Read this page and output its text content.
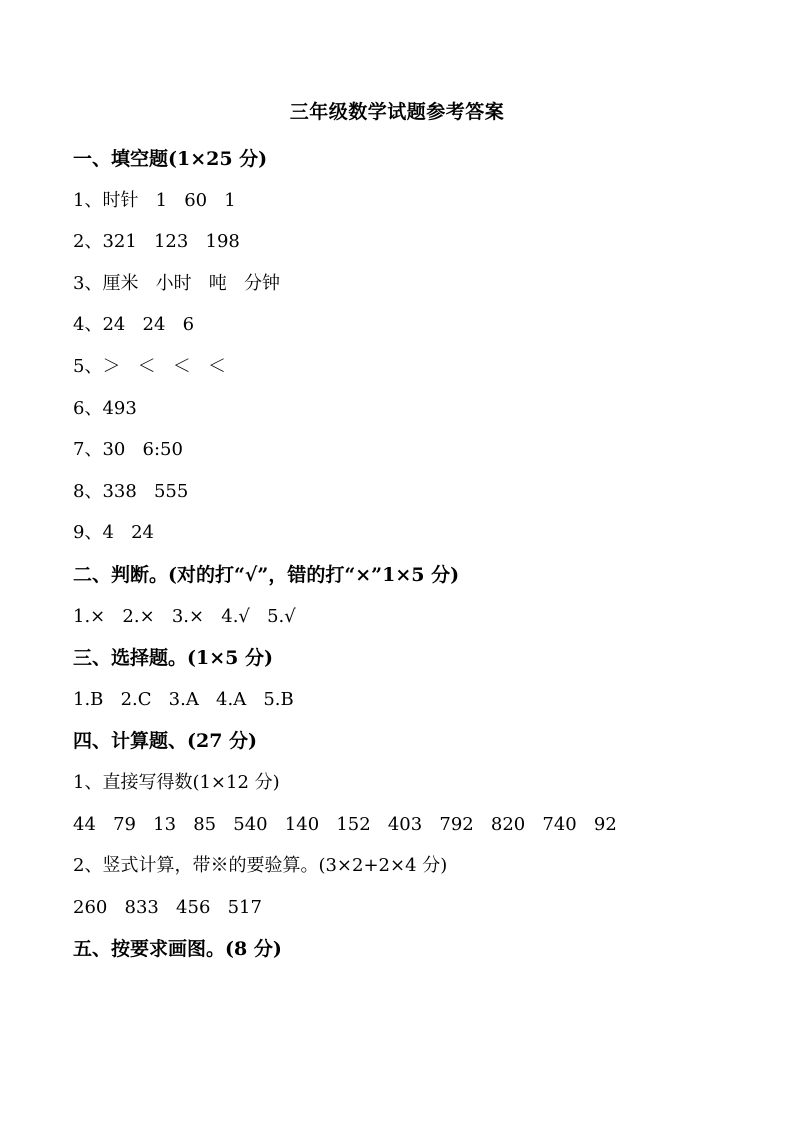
三年级数学试题参考答案
一、填空题(1×25 分)
1、时针   1   60   1
2、321   123   198
3、厘米   小时   吨   分钟
4、24   24   6
5、＞   ＜   ＜   ＜
6、493
7、30   6:50
8、338   555
9、4   24
二、判断。(对的打“√”，错的打“×”1×5 分)
1.×   2.×   3.×   4.√   5.√
三、选择题。(1×5 分)
1.B   2.C   3.A   4.A   5.B
四、计算题、(27 分)
1、直接写得数(1×12 分)
44   79   13   85   540   140   152   403   792   820   740   92
2、竖式计算，带※的要验算。(3×2+2×4 分)
260   833   456   517
五、按要求画图。(8 分)
